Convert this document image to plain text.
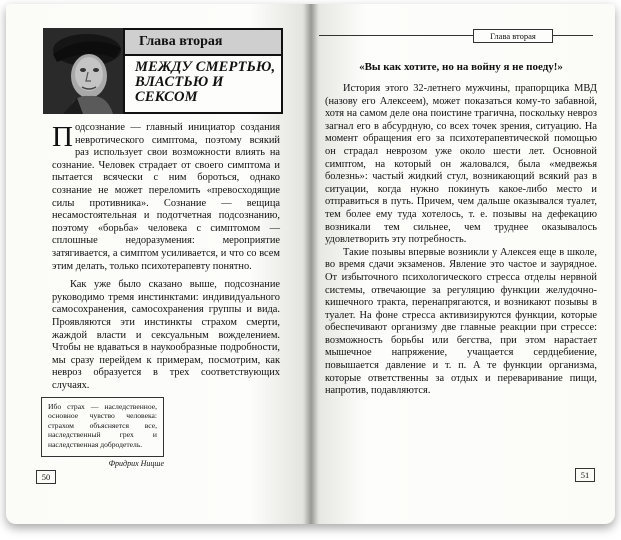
Глава вторая
МЕЖДУ СМЕРТЬЮ, ВЛАСТЬЮ И СЕКСОМ

Подсознание — главный инициатор создания невротического симптома, поэтому всякий раз использует свои возможности влиять на сознание. Человек страдает от своего симптома и пытается всячески с ним бороться, однако сознание не может переломить «превосходящие силы противника». Сознание — вещица несамостоятельная и подотчетная подсознанию, поэтому «борьба» человека с симптомом — сплошные недоразумения: мероприятие затягивается, а симптом усиливается, и что со всем этим делать, только психотерапевту понятно.

Как уже было сказано выше, подсознание руководимо тремя инстинктами: индивидуального самосохранения, самосохранения группы и вида. Проявляются эти инстинкты страхом смерти, жаждой власти и сексуальным вожделением. Чтобы не вдаваться в наукообразные подробности, мы сразу перейдем к примерам, посмотрим, как невроз образуется в трех соответствующих случаях.

Ибо страх — наследственное, основное чувство человека: страхом объясняется все, наследственный грех и наследственная добродетель.
Фридрих Ницше
50
Глава вторая
«Вы как хотите, но на войну я не поеду!»

История этого 32-летнего мужчины, прапорщика МВД (назову его Алексеем), может показаться кому-то забавной, хотя на самом деле она поистине трагична, поскольку невроз загнал его в абсурдную, со всех точек зрения, ситуацию. На момент обращения его за психотерапевтической помощью он страдал неврозом уже около шести лет. Основной симптом, на который он жаловался, была «медвежья болезнь»: частый жидкий стул, возникающий всякий раз в ситуации, когда нужно покинуть какое-либо место и отправиться в путь. Причем, чем дальше оказывался туалет, тем более ему туда хотелось, т. е. позывы на дефекацию возникали тем сильнее, чем труднее оказывалось удовлетворить эту потребность.

Такие позывы впервые возникли у Алексея еще в школе, во время сдачи экзаменов. Явление это частое и заурядное. От избыточного психологического стресса отделы нервной системы, отвечающие за регуляцию функции желудочно-кишечного тракта, перенапрягаются, и возникают позывы в туалет. На фоне стресса активизируются функции, которые обеспечивают организму две главные реакции при стрессе: возможность борьбы или бегства, при этом нарастает мышечное напряжение, учащается сердцебиение, повышается давление и т. п. А те функции организма, которые ответственны за отдых и переваривание пищи, напротив, подавляются.

51
